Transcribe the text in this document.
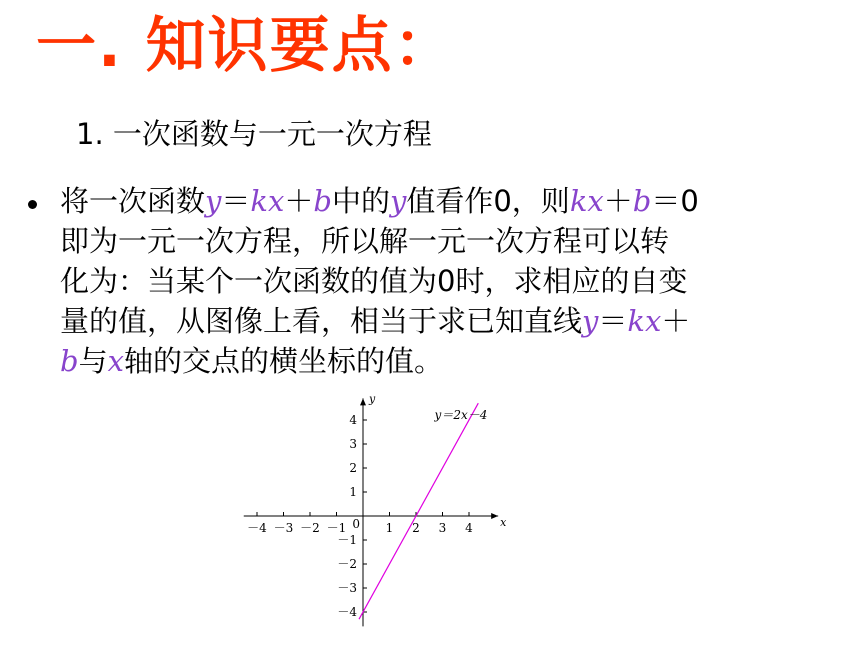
一. 知识要点：
1. 一次函数与一元一次方程
将一次函数y＝kx＋b中的y值看作0，则kx＋b＝0
即为一元一次方程，所以解一元一次方程可以转
化为：当某个一次函数的值为0时，求相应的自变
量的值，从图像上看，相当于求已知直线y＝kx＋
b与x轴的交点的横坐标的值。
x
y
－4 －3 －2 －1	1 2 3 4
4
3
2
1
－1
－2
－3
－4
0
y＝2x－4
